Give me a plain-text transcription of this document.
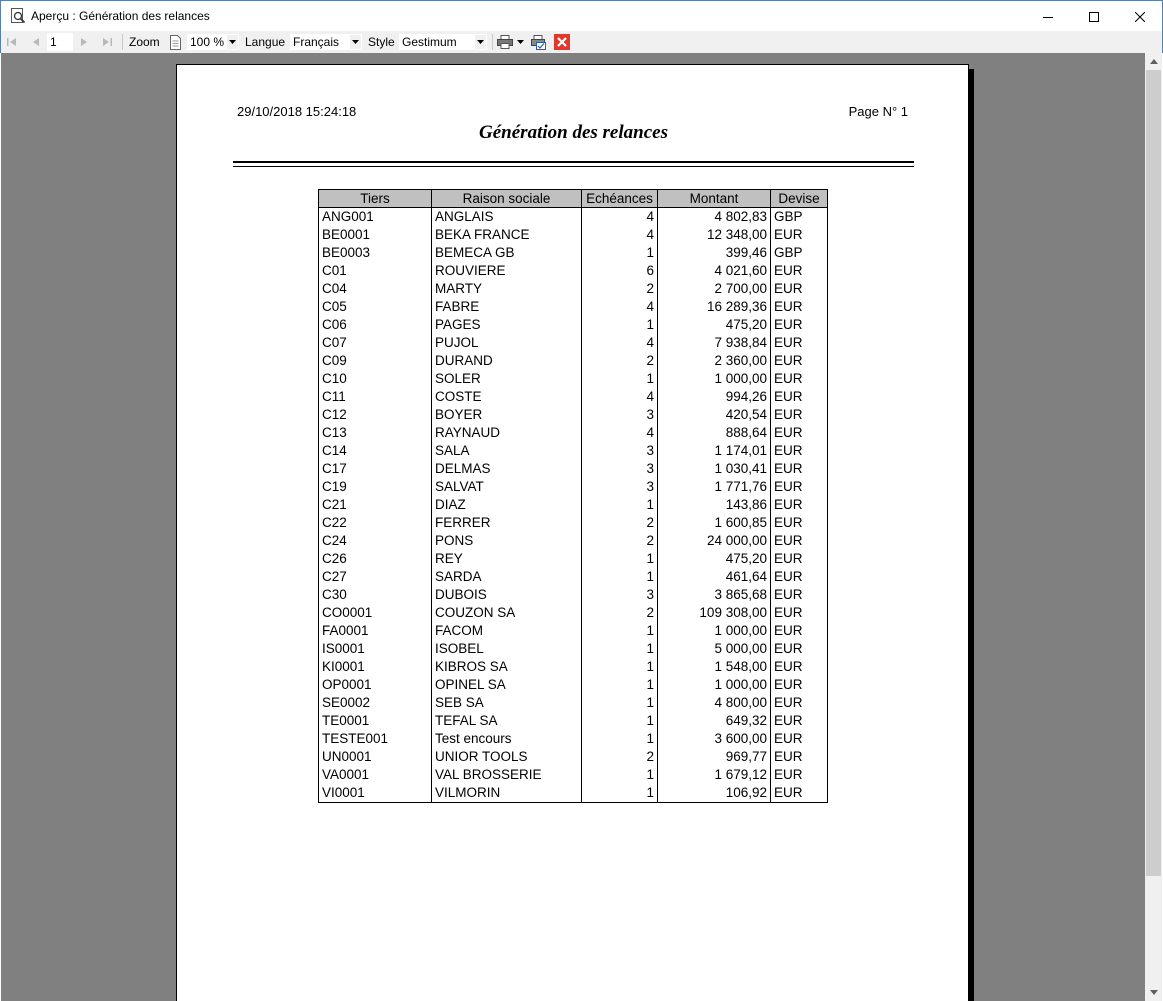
Aperçu : Génération des relances
1
Zoom	100 %	Langue Français	Style Gestimum
29/10/2018 15:24:18	Page N° 1
Génération des relances
Tiers	Raison sociale	Echéances	Montant	Devise
ANG001	ANGLAIS	4	4 802,83	GBP
BE0001	BEKA FRANCE	4	12 348,00	EUR
BE0003	BEMECA GB	1	399,46	GBP
C01	ROUVIERE	6	4 021,60	EUR
C04	MARTY	2	2 700,00	EUR
C05	FABRE	4	16 289,36	EUR
C06	PAGES	1	475,20	EUR
C07	PUJOL	4	7 938,84	EUR
C09	DURAND	2	2 360,00	EUR
C10	SOLER	1	1 000,00	EUR
C11	COSTE	4	994,26	EUR
C12	BOYER	3	420,54	EUR
C13	RAYNAUD	4	888,64	EUR
C14	SALA	3	1 174,01	EUR
C17	DELMAS	3	1 030,41	EUR
C19	SALVAT	3	1 771,76	EUR
C21	DIAZ	1	143,86	EUR
C22	FERRER	2	1 600,85	EUR
C24	PONS	2	24 000,00	EUR
C26	REY	1	475,20	EUR
C27	SARDA	1	461,64	EUR
C30	DUBOIS	3	3 865,68	EUR
CO0001	COUZON SA	2	109 308,00	EUR
FA0001	FACOM	1	1 000,00	EUR
IS0001	ISOBEL	1	5 000,00	EUR
KI0001	KIBROS SA	1	1 548,00	EUR
OP0001	OPINEL SA	1	1 000,00	EUR
SE0002	SEB SA	1	4 800,00	EUR
TE0001	TEFAL SA	1	649,32	EUR
TESTE001	Test encours	1	3 600,00	EUR
UN0001	UNIOR TOOLS	2	969,77	EUR
VA0001	VAL BROSSERIE	1	1 679,12	EUR
VI0001	VILMORIN	1	106,92	EUR
